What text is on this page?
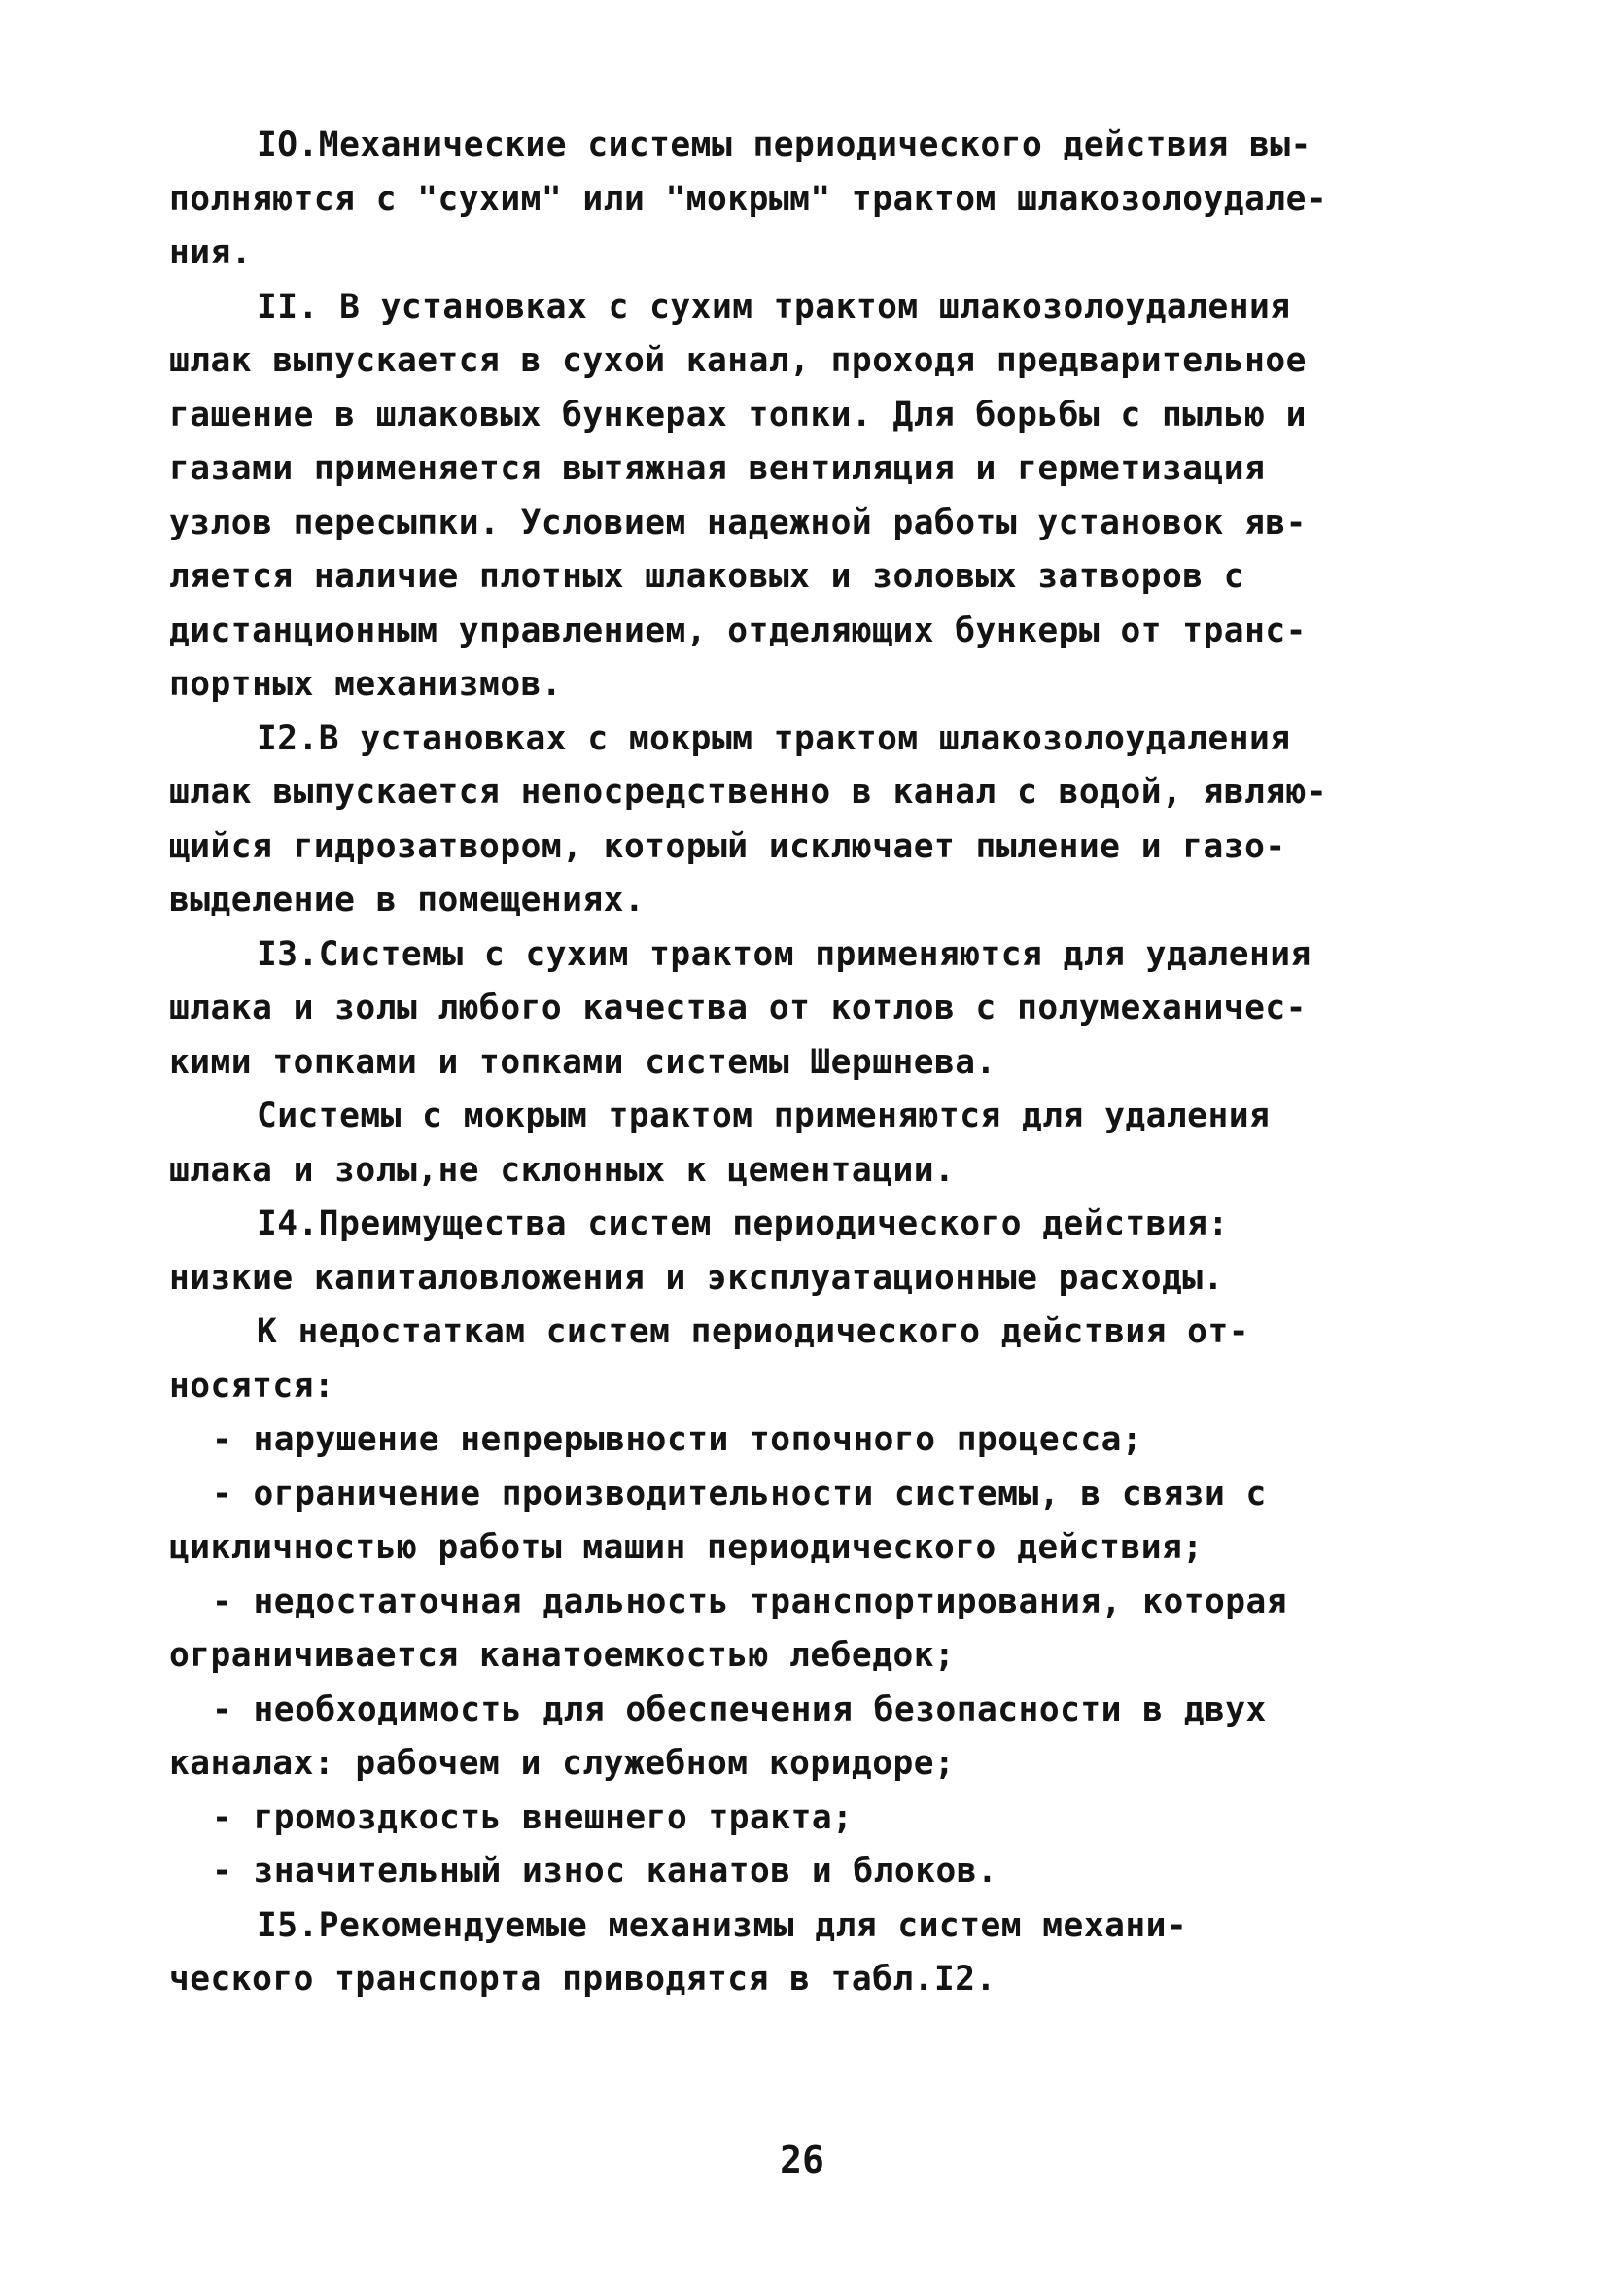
IO.Механические системы периодического действия вы-
полняются с "сухим" или "мокрым" трактом шлакозолоудале-
ния.
II. В установках с сухим трактом шлакозолоудаления
шлак выпускается в сухой канал, проходя предварительное
гашение в шлаковых бункерах топки. Для борьбы с пылью и
газами применяется вытяжная вентиляция и герметизация
узлов пересыпки. Условием надежной работы установок яв-
ляется наличие плотных шлаковых и золовых затворов с
дистанционным управлением, отделяющих бункеры от транс-
портных механизмов.
I2.В установках с мокрым трактом шлакозолоудаления
шлак выпускается непосредственно в канал с водой, являю-
щийся гидрозатвором, который исключает пыление и газо-
выделение в помещениях.
I3.Системы с сухим трактом применяются для удаления
шлака и золы любого качества от котлов с полумеханичес-
кими топками и топками системы Шершнева.
Системы с мокрым трактом применяются для удаления
шлака и золы,не склонных к цементации.
I4.Преимущества систем периодического действия:
низкие капиталовложения и эксплуатационные расходы.
К недостаткам систем периодического действия от-
носятся:
- нарушение непрерывности топочного процесса;
- ограничение производительности системы, в связи с
цикличностью работы машин периодического действия;
- недостаточная дальность транспортирования, которая
ограничивается канатоемкостью лебедок;
- необходимость для обеспечения безопасности в двух
каналах: рабочем и служебном коридоре;
- громоздкость внешнего тракта;
- значительный износ канатов и блоков.
I5.Рекомендуемые механизмы для систем механи-
ческого транспорта приводятся в табл.I2.
26
